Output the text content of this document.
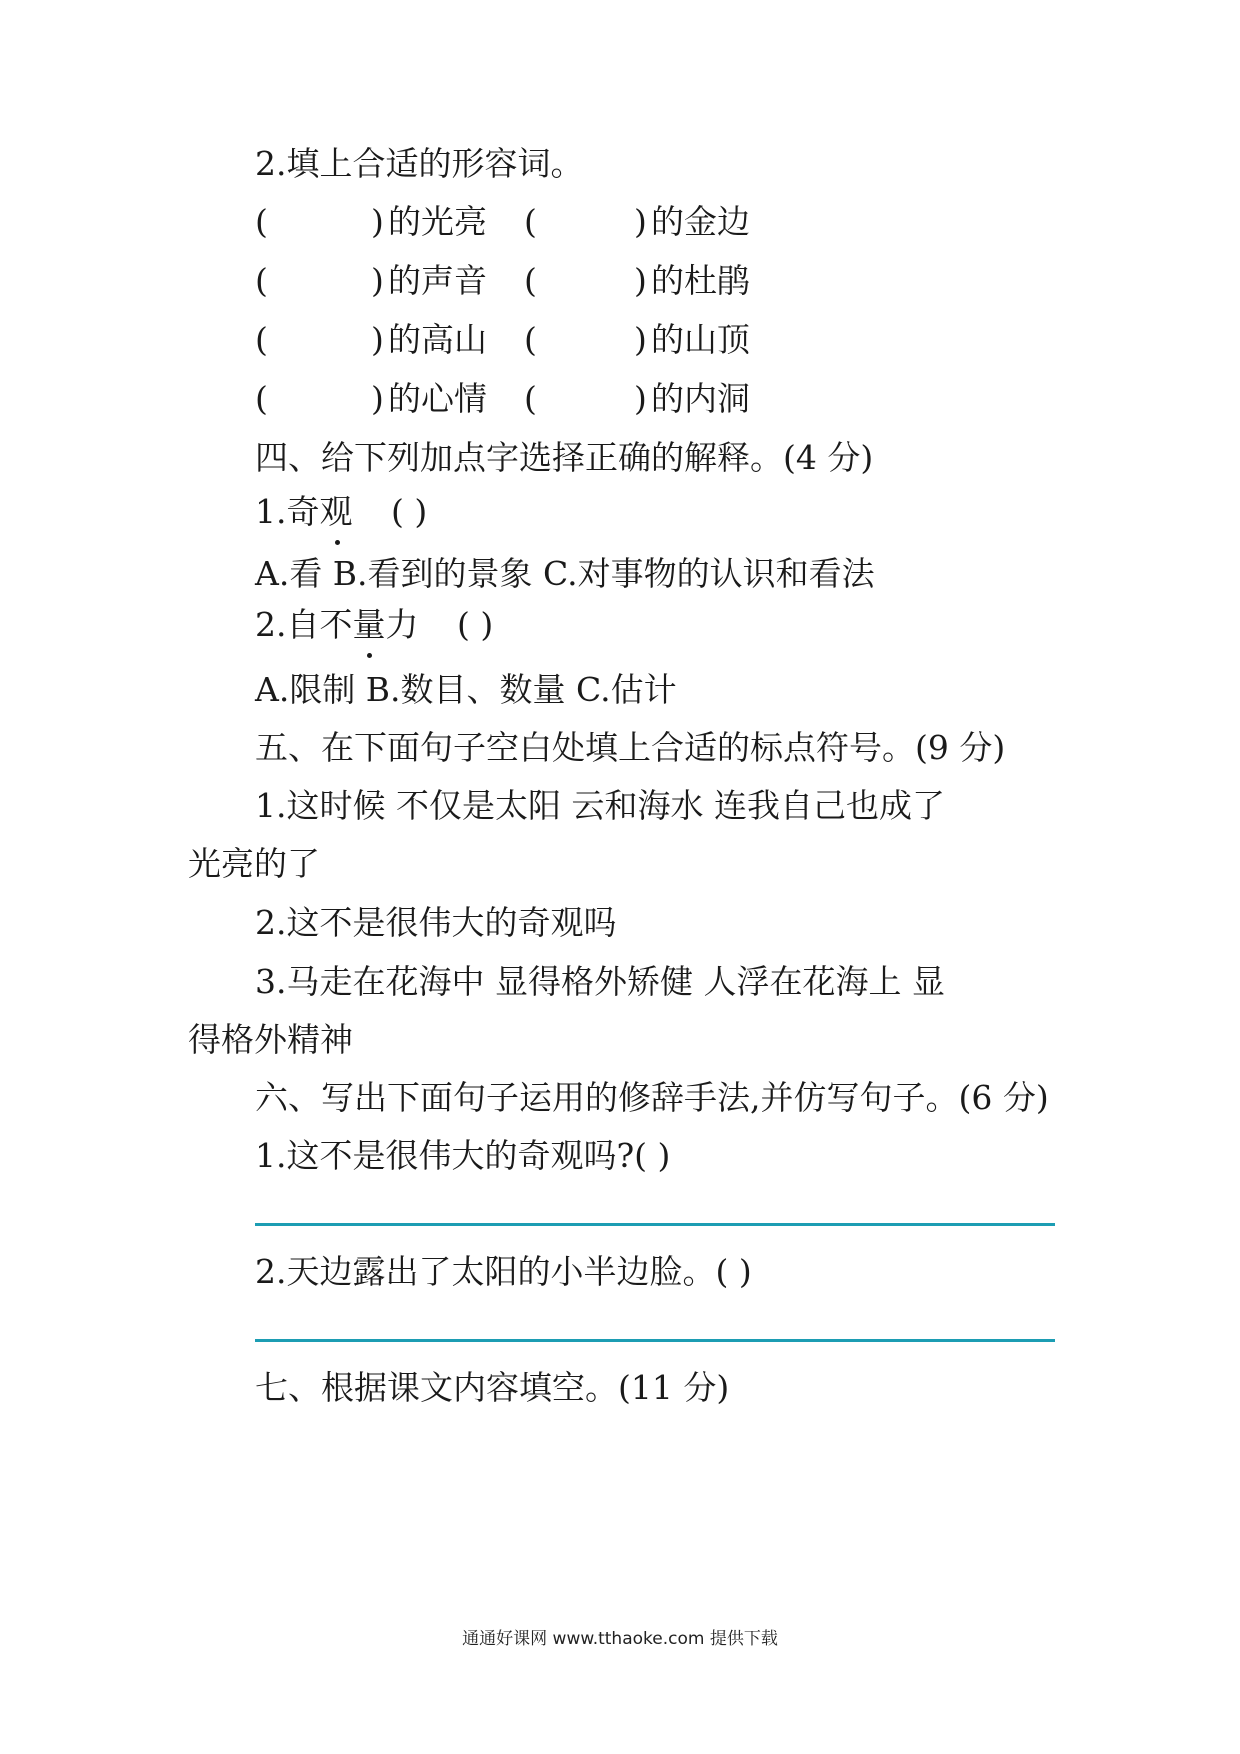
2.填上合适的形容词。
(	) 的光亮 (	) 的金边
(	) 的声音 (	) 的杜鹃
(	) 的高山 (	) 的山顶
(	) 的心情 (	) 的内洞
四、给下列加点字选择正确的解释。(4 分)
1.奇观 ( )
A.看 B.看到的景象 C.对事物的认识和看法
2.自不量力 ( )
A.限制 B.数目、数量 C.估计
五、在下面句子空白处填上合适的标点符号。(9 分)
1.这时候 不仅是太阳 云和海水 连我自己也成了
光亮的了
2.这不是很伟大的奇观吗
3.马走在花海中 显得格外矫健 人浮在花海上 显
得格外精神
六、写出下面句子运用的修辞手法,并仿写句子。(6 分)
1.这不是很伟大的奇观吗?( )
2.天边露出了太阳的小半边脸。( )
七、根据课文内容填空。(11 分)
通通好课网 www.tthaoke.com 提供下载
